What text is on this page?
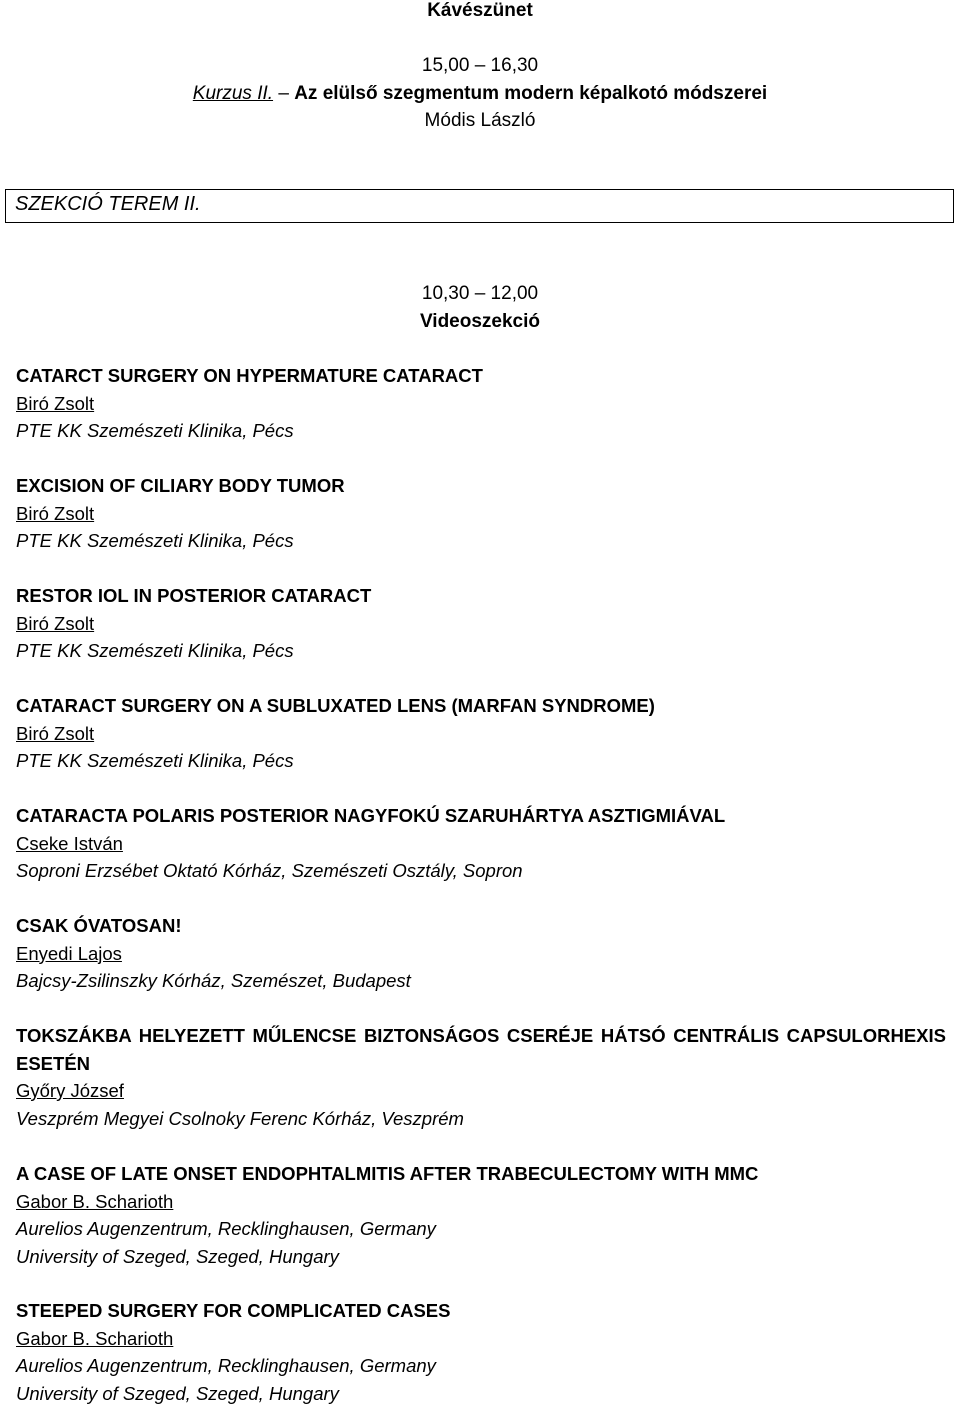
Kávészünet
15,00 – 16,30
Kurzus II. – Az elülső szegmentum modern képalkotó módszerei
Módis László
SZEKCIÓ TEREM II.
10,30 – 12,00
Videoszekció
CATARCT SURGERY ON HYPERMATURE CATARACT
Biró Zsolt
PTE KK Szemészeti Klinika, Pécs
EXCISION OF CILIARY BODY TUMOR
Biró Zsolt
PTE KK Szemészeti Klinika, Pécs
RESTOR IOL IN POSTERIOR CATARACT
Biró Zsolt
PTE KK Szemészeti Klinika, Pécs
CATARACT SURGERY ON A SUBLUXATED LENS (MARFAN SYNDROME)
Biró Zsolt
PTE KK Szemészeti Klinika, Pécs
CATARACTA POLARIS POSTERIOR NAGYFOKÚ SZARUHÁRTYA ASZTIGMIÁVAL
Cseke István
Soproni Erzsébet Oktató Kórház, Szemészeti Osztály, Sopron
CSAK ÓVATOSAN!
Enyedi Lajos
Bajcsy-Zsilinszky Kórház, Szemészet, Budapest
TOKSZÁKBA HELYEZETT MŰLENCSE BIZTONSÁGOS CSERÉJE HÁTSÓ CENTRÁLIS CAPSULORHEXIS ESETÉN
Győry József
Veszprém Megyei Csolnoky Ferenc Kórház, Veszprém
A CASE OF LATE ONSET ENDOPHTALMITIS AFTER TRABECULECTOMY WITH MMC
Gabor B. Scharioth
Aurelios Augenzentrum, Recklinghausen, Germany
University of Szeged, Szeged, Hungary
STEEPED SURGERY FOR COMPLICATED CASES
Gabor B. Scharioth
Aurelios Augenzentrum, Recklinghausen, Germany
University of Szeged, Szeged, Hungary
